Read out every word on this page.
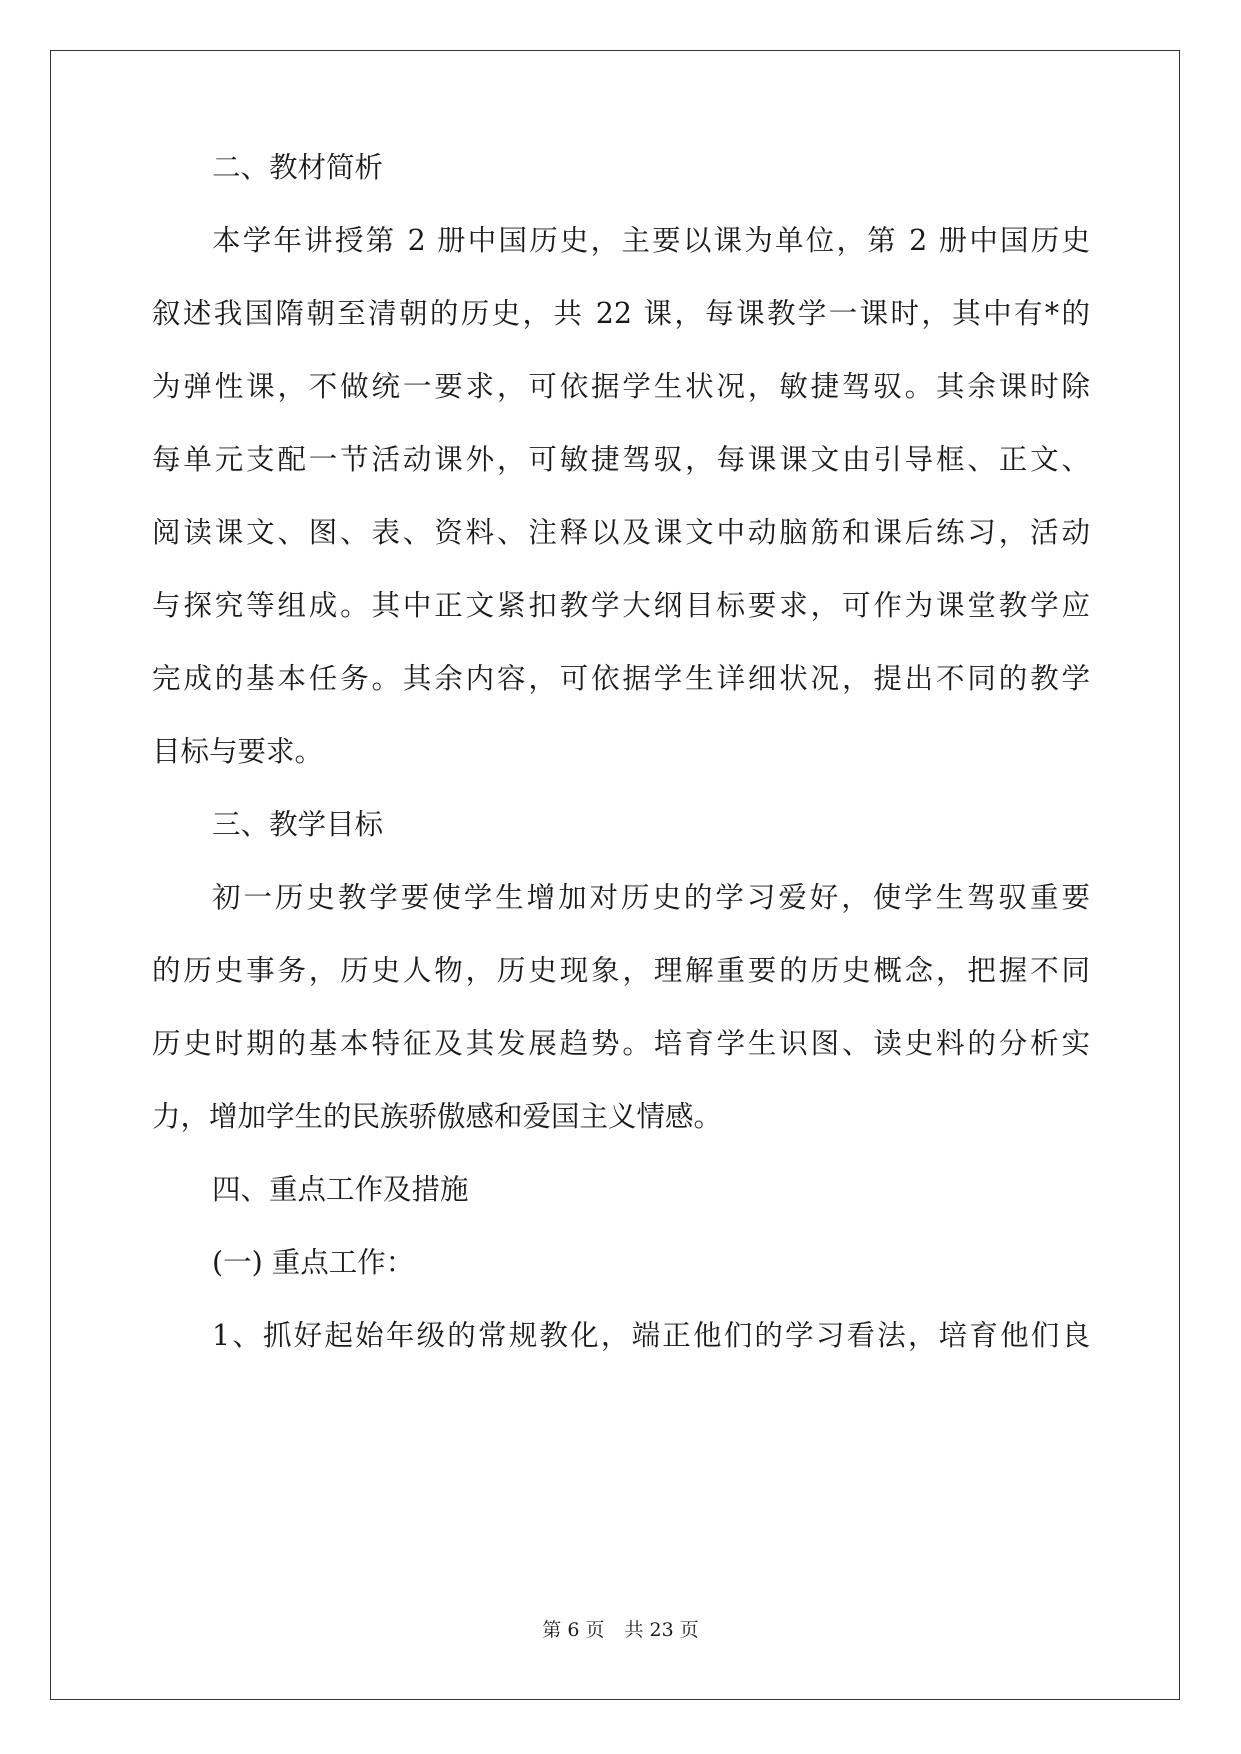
二、教材简析
本学年讲授第 2 册中国历史，主要以课为单位，第 2 册中国历史
叙述我国隋朝至清朝的历史，共 22 课，每课教学一课时，其中有*的
为弹性课，不做统一要求，可依据学生状况，敏捷驾驭。其余课时除
每单元支配一节活动课外，可敏捷驾驭，每课课文由引导框、正文、
阅读课文、图、表、资料、注释以及课文中动脑筋和课后练习，活动
与探究等组成。其中正文紧扣教学大纲目标要求，可作为课堂教学应
完成的基本任务。其余内容，可依据学生详细状况，提出不同的教学
目标与要求。
三、教学目标
初一历史教学要使学生增加对历史的学习爱好，使学生驾驭重要
的历史事务，历史人物，历史现象，理解重要的历史概念，把握不同
历史时期的基本特征及其发展趋势。培育学生识图、读史料的分析实
力，增加学生的民族骄傲感和爱国主义情感。
四、重点工作及措施
(一) 重点工作：
1、抓好起始年级的常规教化，端正他们的学习看法，培育他们良
第 6 页 共 23 页
